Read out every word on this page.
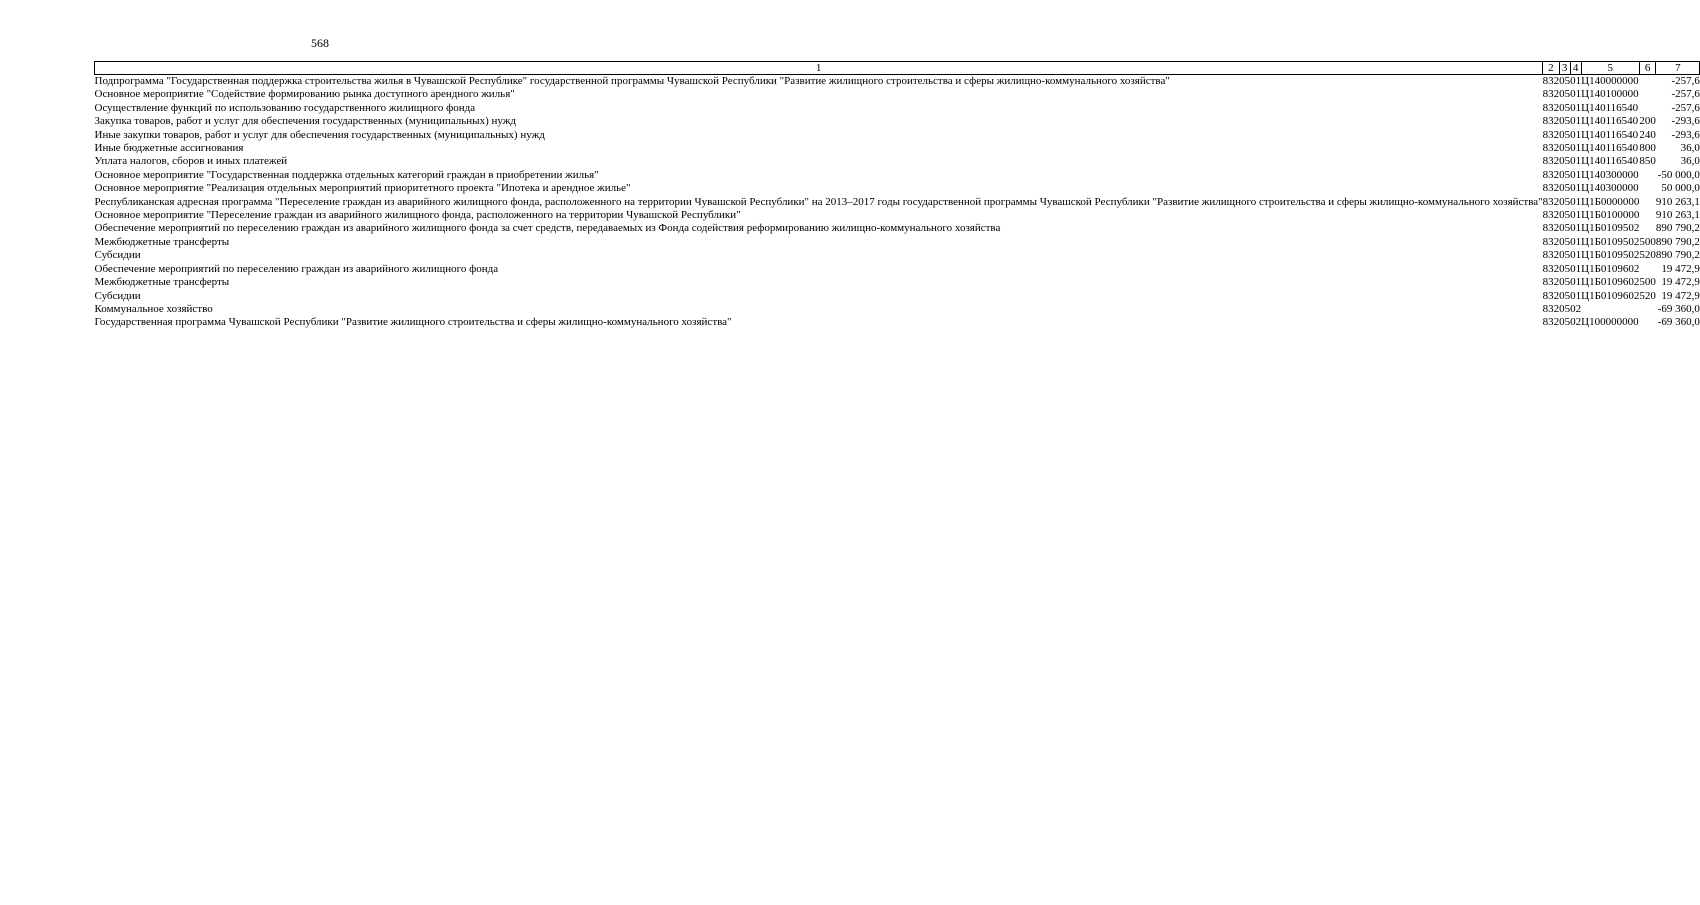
568
1	2	3	4	5	6	7
Подпрограмма "Государственная поддержка строительства жилья в Чувашской Республике" государственной программы Чувашской Республики "Развитие жилищного строительства и сферы жилищно-коммунального хозяйства"	832	05	01	Ц140000000		-257,6
Основное мероприятие "Содействие формированию рынка доступного арендного жилья"	832	05	01	Ц140100000		-257,6
Осуществление функций по использованию государственного жилищного фонда	832	05	01	Ц140116540		-257,6
Закупка товаров, работ и услуг для обеспечения государственных (муниципальных) нужд	832	05	01	Ц140116540	200	-293,6
Иные закупки товаров, работ и услуг для обеспечения государственных (муниципальных) нужд	832	05	01	Ц140116540	240	-293,6
Иные бюджетные ассигнования	832	05	01	Ц140116540	800	36,0
Уплата налогов, сборов и иных платежей	832	05	01	Ц140116540	850	36,0
Основное мероприятие "Государственная поддержка отдельных категорий граждан в приобретении жилья"	832	05	01	Ц140300000		-50 000,0
Основное мероприятие "Реализация отдельных мероприятий приоритетного проекта "Ипотека и арендное жилье"	832	05	01	Ц140300000		50 000,0
Республиканская адресная программа "Переселение граждан из аварийного жилищного фонда, расположенного на территории Чувашской Республики" на 2013–2017 годы государственной программы Чувашской Республики "Развитие жилищного строительства и сферы жилищно-коммунального хозяйства"	832	05	01	Ц1Б0000000		910 263,1
Основное мероприятие "Переселение граждан из аварийного жилищного фонда, расположенного на территории Чувашской Республики"	832	05	01	Ц1Б0100000		910 263,1
Обеспечение мероприятий по переселению граждан из аварийного жилищного фонда за счет средств, передаваемых из Фонда содействия реформированию жилищно-коммунального хозяйства	832	05	01	Ц1Б0109502		890 790,2
Межбюджетные трансферты	832	05	01	Ц1Б0109502	500	890 790,2
Субсидии	832	05	01	Ц1Б0109502	520	890 790,2
Обеспечение мероприятий по переселению граждан из аварийного жилищного фонда	832	05	01	Ц1Б0109602		19 472,9
Межбюджетные трансферты	832	05	01	Ц1Б0109602	500	19 472,9
Субсидии	832	05	01	Ц1Б0109602	520	19 472,9
Коммунальное хозяйство	832	05	02			-69 360,0
Государственная программа Чувашской Республики "Развитие жилищного строительства и сферы жилищно-коммунального хозяйства"	832	05	02	Ц100000000		-69 360,0
